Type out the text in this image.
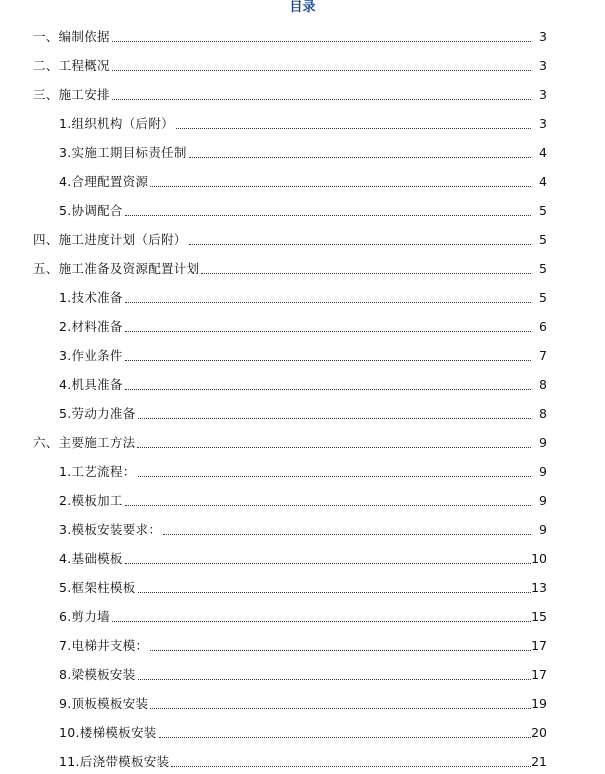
目录
一、编制依据	3
二、工程概况	3
三、施工安排	3
1.组织机构（后附）	3
3.实施工期目标责任制	4
4.合理配置资源	4
5.协调配合	5
四、施工进度计划（后附）	5
五、施工准备及资源配置计划	5
1.技术准备	5
2.材料准备	6
3.作业条件	7
4.机具准备	8
5.劳动力准备	8
六、主要施工方法	9
1.工艺流程：	9
2.模板加工	9
3.模板安装要求：	9
4.基础模板	10
5.框架柱模板	13
6.剪力墙	15
7.电梯井支模：	17
8.梁模板安装	17
9.顶板模板安装	19
10.楼梯模板安装	20
11.后浇带模板安装	21
